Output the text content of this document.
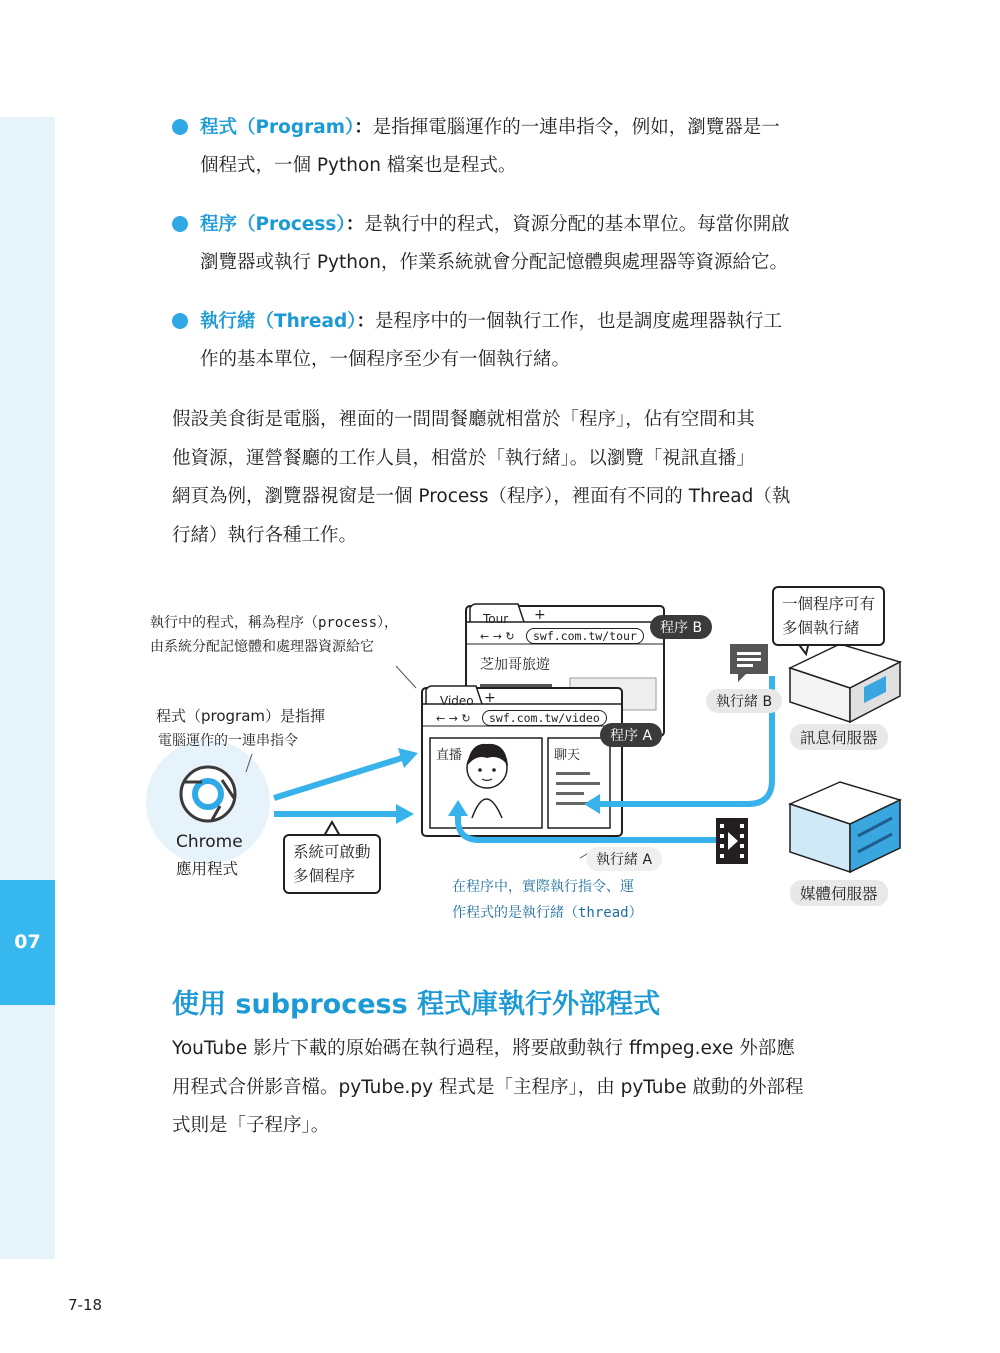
07
程式（Program）：是指揮電腦運作的一連串指令，例如，瀏覽器是一
個程式，一個 Python 檔案也是程式。
程序（Process）：是執行中的程式，資源分配的基本單位。每當你開啟
瀏覽器或執行 Python，作業系統就會分配記憶體與處理器等資源給它。
執行緒（Thread）：是程序中的一個執行工作，也是調度處理器執行工
作的基本單位，一個程序至少有一個執行緒。

假設美食街是電腦，裡面的一間間餐廳就相當於「程序」，佔有空間和其
他資源，運營餐廳的工作人員，相當於「執行緒」。以瀏覽「視訊直播」
網頁為例，瀏覽器視窗是一個 Process（程序），裡面有不同的 Thread（執
行緒）執行各種工作。

+
+
← → ↻
← → ↻
執行中的程式，稱為程序（process），
由系統分配記憶體和處理器資源給它
程式（program）是指揮
電腦運作的一連串指令
Chrome
應用程式
系統可啟動
多個程序
Tour
swf.com.tw/tour
芝加哥旅遊
程序 B
Video
swf.com.tw/video
程序 A
直播	聊天
執行緒 B
執行緒 A
在程序中，實際執行指令、運
作程式的是執行緒（thread）
一個程序可有
多個執行緒
訊息伺服器
媒體伺服器
使用 subprocess 程式庫執行外部程式

YouTube 影片下載的原始碼在執行過程，將要啟動執行 ffmpeg.exe 外部應
用程式合併影音檔。pyTube.py 程式是「主程序」，由 pyTube 啟動的外部程
式則是「子程序」。

7-18
